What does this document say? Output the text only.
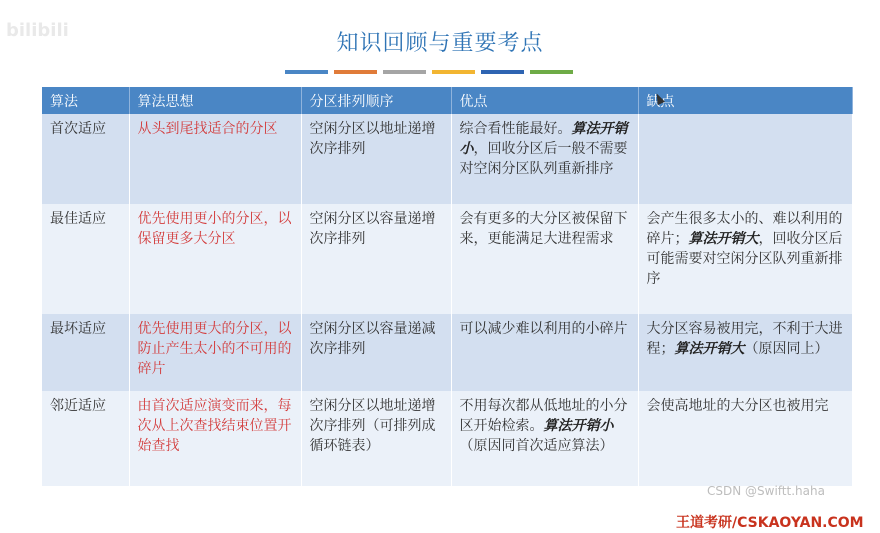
bilibili
知识回顾与重要考点
算法	算法思想	分区排列顺序	优点	缺点
首次适应	从头到尾找适合的分区	空闲分区以地址递增次序排列	综合看性能最好。算法开销小，回收分区后一般不需要对空闲分区队列重新排序	
最佳适应	优先使用更小的分区，以保留更多大分区	空闲分区以容量递增次序排列	会有更多的大分区被保留下来，更能满足大进程需求	会产生很多太小的、难以利用的碎片；算法开销大，回收分区后可能需要对空闲分区队列重新排序
最坏适应	优先使用更大的分区，以防止产生太小的不可用的碎片	空闲分区以容量递减次序排列	可以减少难以利用的小碎片	大分区容易被用完，不利于大进程；算法开销大（原因同上）
邻近适应	由首次适应演变而来，每次从上次查找结束位置开始查找	空闲分区以地址递增次序排列（可排列成循环链表）	不用每次都从低地址的小分区开始检索。算法开销小（原因同首次适应算法）	会使高地址的大分区也被用完
CSDN @Swiftt.haha
王道考研/CSKAOYAN.COM
